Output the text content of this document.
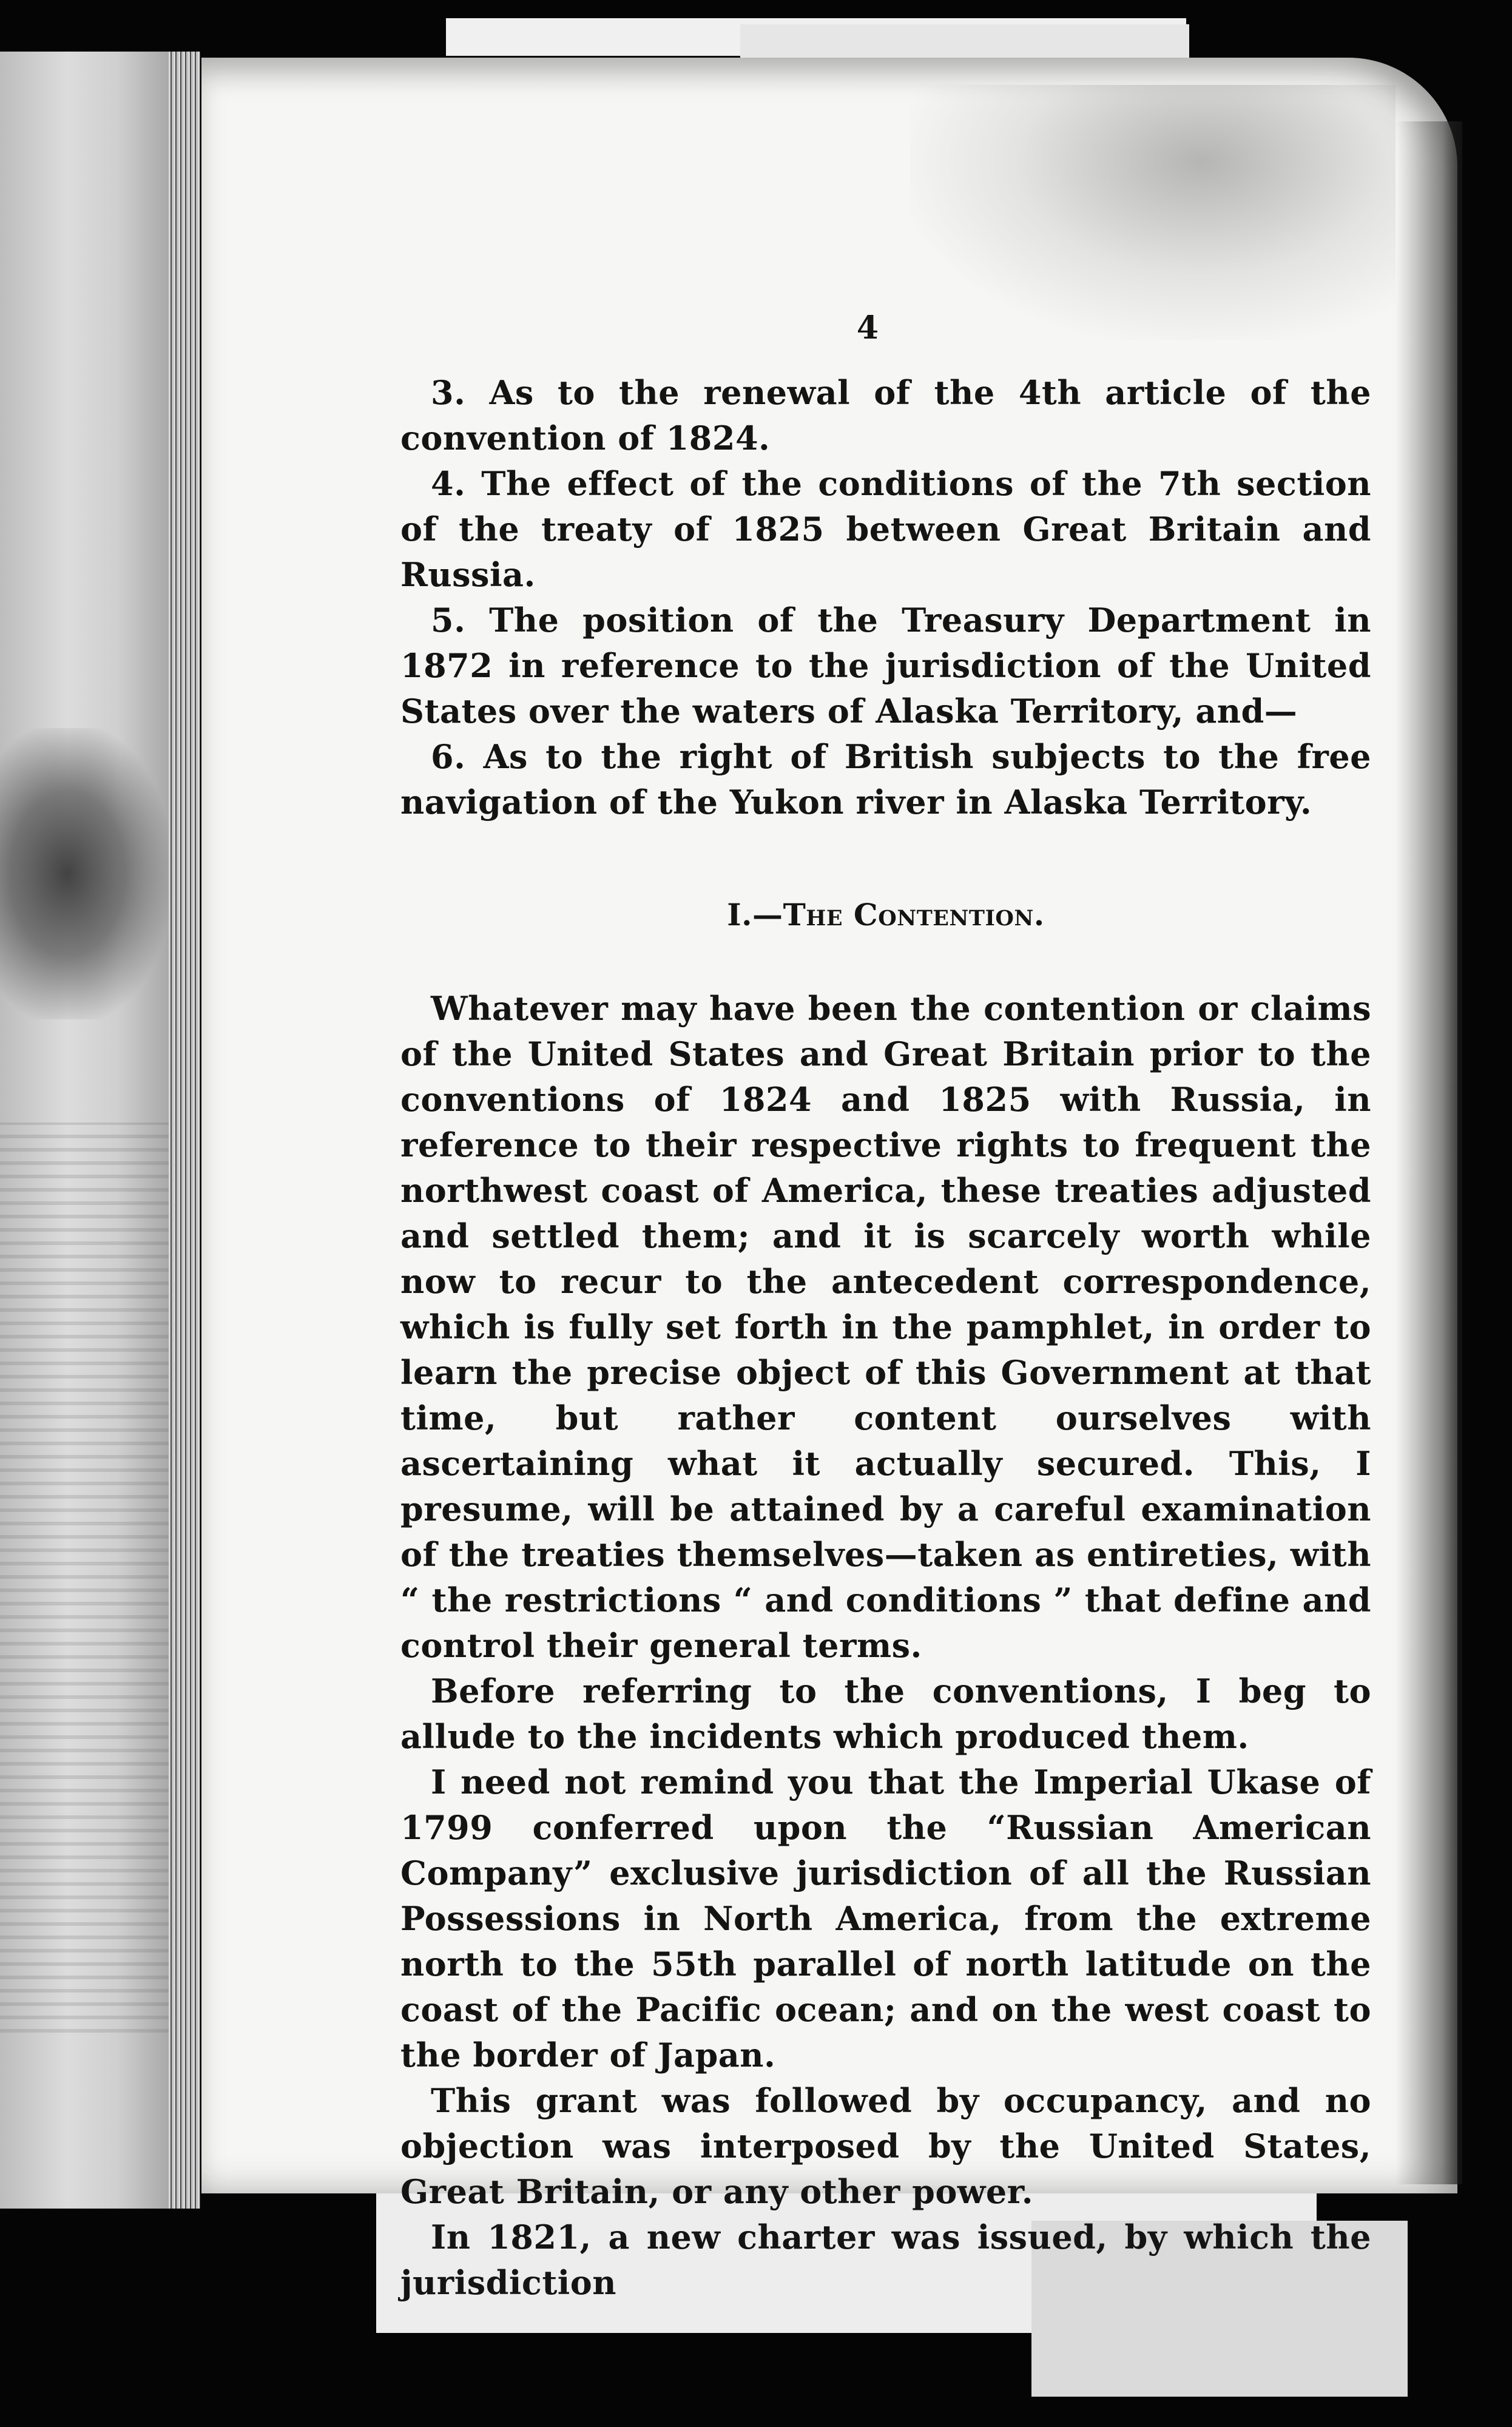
4

3. As to the renewal of the 4th article of the convention of 1824.

4. The effect of the conditions of the 7th section of the treaty of 1825 between Great Britain and Russia.

5. The position of the Treasury Department in 1872 in reference to the jurisdiction of the United States over the waters of Alaska Territory, and—

6. As to the right of British subjects to the free navigation of the Yukon river in Alaska Territory.

I.—The Contention.

Whatever may have been the contention or claims of the United States and Great Britain prior to the conventions of 1824 and 1825 with Russia, in reference to their respective rights to frequent the northwest coast of America, these treaties adjusted and settled them; and it is scarcely worth while now to recur to the antecedent correspondence, which is fully set forth in the pamphlet, in order to learn the precise object of this Government at that time, but rather content ourselves with ascertaining what it actually secured. This, I presume, will be attained by a careful examination of the treaties themselves—taken as entireties, with “ the restrictions “ and conditions ” that define and control their general terms.

Before referring to the conventions, I beg to allude to the incidents which produced them.

I need not remind you that the Imperial Ukase of 1799 conferred upon the “Russian American Company” exclusive jurisdiction of all the Russian Possessions in North America, from the extreme north to the 55th parallel of north latitude on the coast of the Pacific ocean; and on the west coast to the border of Japan.

This grant was followed by occupancy, and no objection was interposed by the United States, Great Britain, or any other power.

In 1821, a new charter was issued, by which the jurisdiction
